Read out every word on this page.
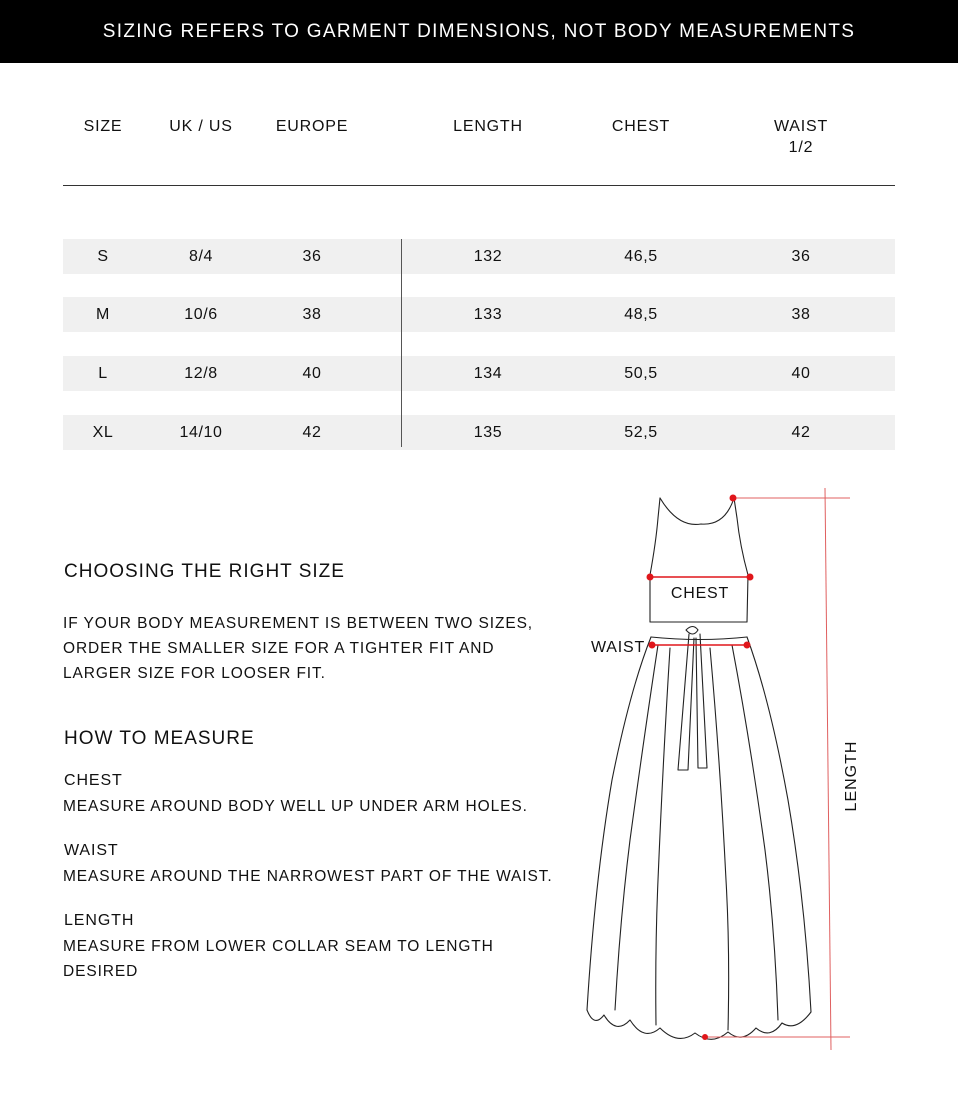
SIZING REFERS TO GARMENT DIMENSIONS, NOT BODY MEASUREMENTS
SIZE	UK / US	EUROPE	LENGTH	CHEST	WAIST
1/2
S	8/4	36	132	46,5	36
M	10/6	38	133	48,5	38
L	12/8	40	134	50,5	40
XL	14/10	42	135	52,5	42
CHOOSING THE RIGHT SIZE
IF YOUR BODY MEASUREMENT IS BETWEEN TWO SIZES,
ORDER THE SMALLER SIZE FOR A TIGHTER FIT AND
LARGER SIZE FOR LOOSER FIT.
HOW TO MEASURE
CHEST
MEASURE AROUND BODY WELL UP UNDER ARM HOLES.
WAIST
MEASURE AROUND THE NARROWEST PART OF THE WAIST.
LENGTH
MEASURE FROM LOWER COLLAR SEAM TO LENGTH
DESIRED
CHEST
WAIST
LENGTH
